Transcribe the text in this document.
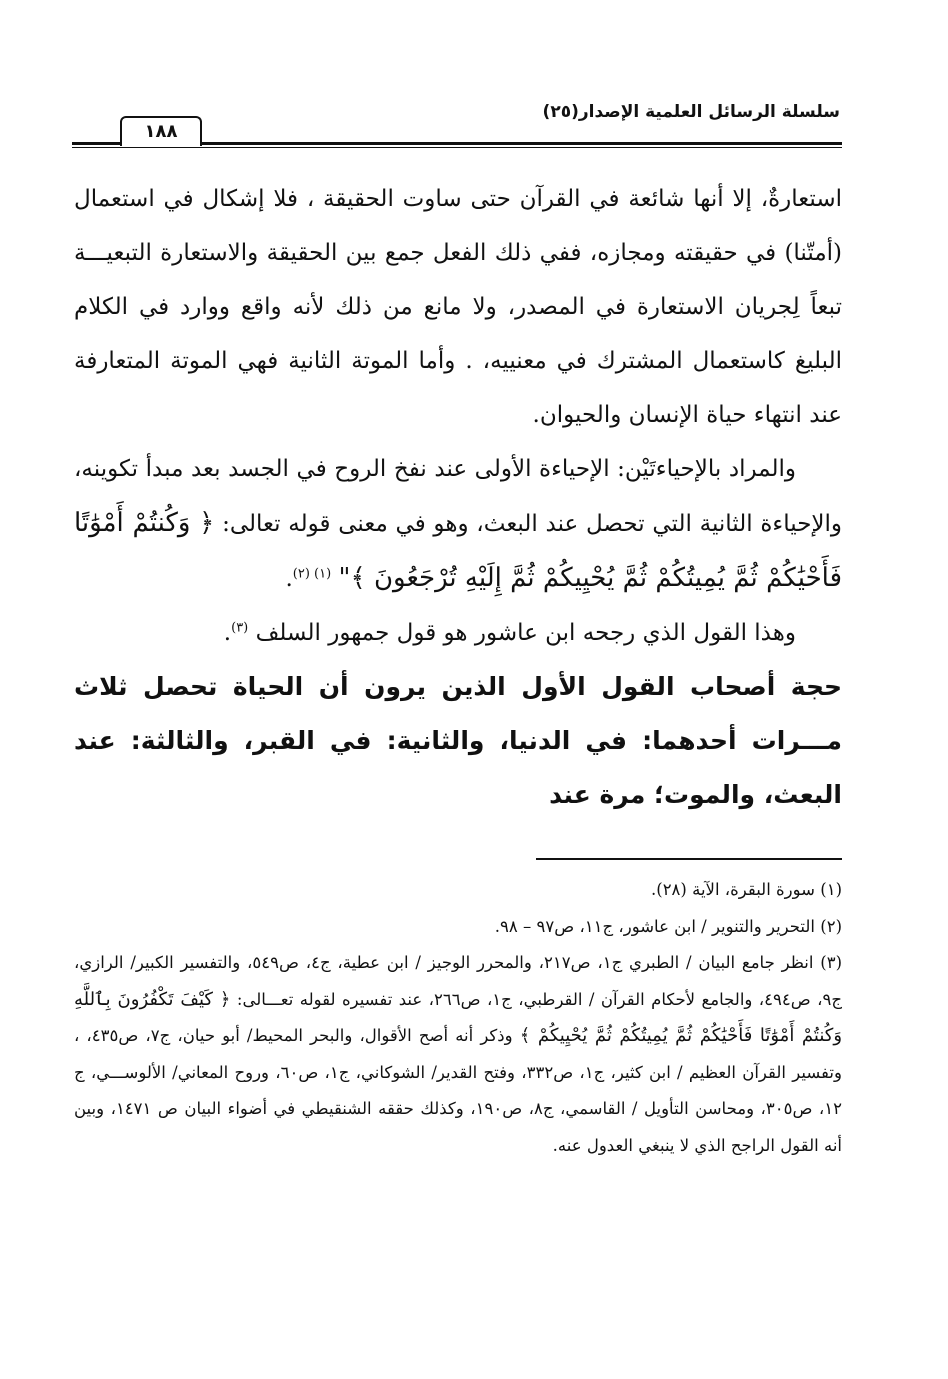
سلسلة الرسائل العلمية الإصدار(٢٥)
١٨٨

استعارةٌ، إلا أنها شائعة في القرآن حتى ساوت الحقيقة ، فلا إشكال في استعمال (أمتّنا) في حقيقته ومجازه، ففي ذلك الفعل جمع بين الحقيقة والاستعارة التبعيـــة تبعاً لِجريان الاستعارة في المصدر، ولا مانع من ذلك لأنه واقع ووارد في الكلام البليغ كاستعمال المشترك في معنييه، . وأما الموتة الثانية فهي الموتة المتعارفة عند انتهاء حياة الإنسان والحيوان.

والمراد بالإحياءتَيْن: الإحياءة الأولى عند نفخ الروح في الجسد بعد مبدأ تكوينه، والإحياءة الثانية التي تحصل عند البعث، وهو في معنى قوله تعالى: ﴿ وَكُنتُمْ أَمْوَٰتًا فَأَحْيَٰكُمْ ثُمَّ يُمِيتُكُمْ ثُمَّ يُحْيِيكُمْ ثُمَّ إِلَيْهِ تُرْجَعُونَ ﴾" $^{(١) (٢)}$.

وهذا القول الذي رجحه ابن عاشور هو قول جمهور السلف $^{(٣)}$.

حجة أصحاب القول الأول الذين يرون أن الحياة تحصل ثلاث مـــرات أحدهما: في الدنيا، والثانية: في القبر، والثالثة: عند البعث، والموت؛ مرة عند

(١) سورة البقرة، الآية (٢٨).

(٢) التحرير والتنوير / ابن عاشور، ج١١، ص٩٧ – ٩٨.

(٣) انظر جامع البيان / الطبري ج١، ص٢١٧، والمحرر الوجيز / ابن عطية، ج٤، ص٥٤٩، والتفسير الكبير/ الرازي، ج٩، ص٤٩٤، والجامع لأحكام القرآن / القرطبي، ج١، ص٢٦٦، عند تفسيره لقوله تعـــالى: ﴿ كَيْفَ تَكْفُرُونَ بِٱللَّهِ وَكُنتُمْ أَمْوَٰتًا فَأَحْيَٰكُمْ ثُمَّ يُمِيتُكُمْ ثُمَّ يُحْيِيكُمْ ﴾ وذكر أنه أصح الأقوال، والبحر المحيط/ أبو حيان، ج٧، ص٤٣٥، ، وتفسير القرآن العظيم / ابن كثير، ج١، ص٣٣٢، وفتح القدير/ الشوكاني، ج١، ص٦٠، وروح المعاني/ الألوســـي، ج ١٢، ص٣٠٥، ومحاسن التأويل / القاسمي، ج٨، ص١٩٠، وكذلك حققه الشنقيطي في أضواء البيان ص ١٤٧١، وبين أنه القول الراجح الذي لا ينبغي العدول عنه.
